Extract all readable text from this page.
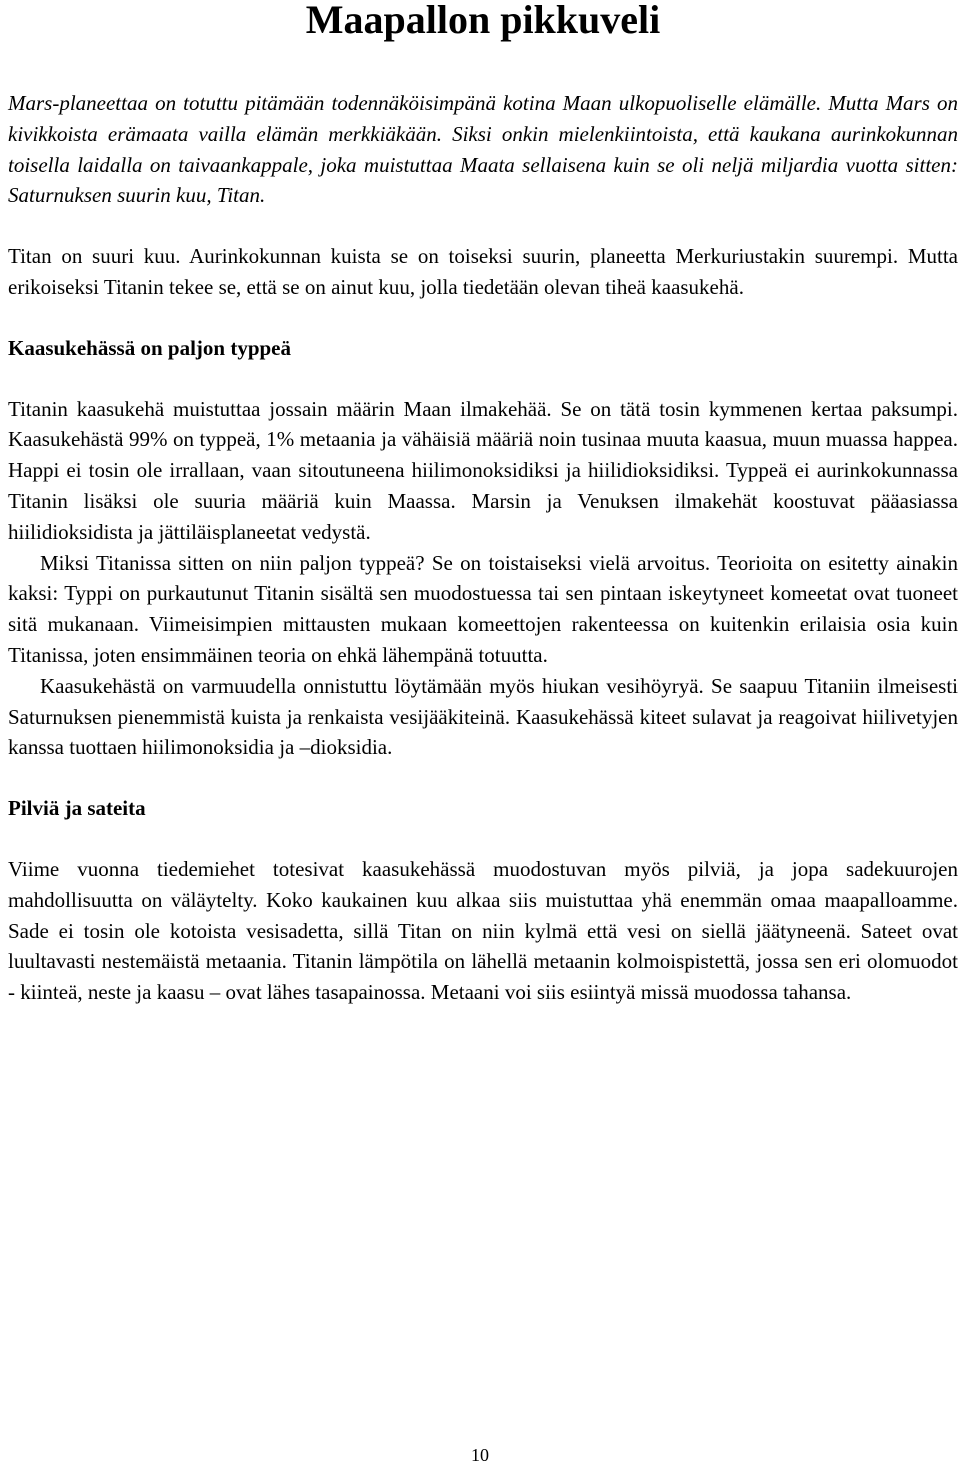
Maapallon pikkuveli

Mars-planeettaa on totuttu pitämään todennäköisimpänä kotina Maan ulkopuoliselle elämälle. Mutta Mars on kivikkoista erämaata vailla elämän merkkiäkään. Siksi onkin mielenkiintoista, että kaukana aurinkokunnan toisella laidalla on taivaankappale, joka muistuttaa Maata sellaisena kuin se oli neljä miljardia vuotta sitten: Saturnuksen suurin kuu, Titan.

Titan on suuri kuu. Aurinkokunnan kuista se on toiseksi suurin, planeetta Merkuriustakin suurempi. Mutta erikoiseksi Titanin tekee se, että se on ainut kuu, jolla tiedetään olevan tiheä kaasukehä.

Kaasukehässä on paljon typpeä

Titanin kaasukehä muistuttaa jossain määrin Maan ilmakehää. Se on tätä tosin kymmenen kertaa paksumpi. Kaasukehästä 99% on typpeä, 1% metaania ja vähäisiä määriä noin tusinaa muuta kaasua, muun muassa happea. Happi ei tosin ole irrallaan, vaan sitoutuneena hiilimonoksidiksi ja hiilidioksidiksi. Typpeä ei aurinkokunnassa Titanin lisäksi ole suuria määriä kuin Maassa. Marsin ja Venuksen ilmakehät koostuvat pääasiassa hiilidioksidista ja jättiläisplaneetat vedystä.

Miksi Titanissa sitten on niin paljon typpeä? Se on toistaiseksi vielä arvoitus. Teorioita on esitetty ainakin kaksi: Typpi on purkautunut Titanin sisältä sen muodostuessa tai sen pintaan iskeytyneet komeetat ovat tuoneet sitä mukanaan. Viimeisimpien mittausten mukaan komeettojen rakenteessa on kuitenkin erilaisia osia kuin Titanissa, joten ensimmäinen teoria on ehkä lähempänä totuutta.

Kaasukehästä on varmuudella onnistuttu löytämään myös hiukan vesihöyryä. Se saapuu Titaniin ilmeisesti Saturnuksen pienemmistä kuista ja renkaista vesijääkiteinä. Kaasukehässä kiteet sulavat ja reagoivat hiilivetyjen kanssa tuottaen hiilimonoksidia ja –dioksidia.

Pilviä ja sateita

Viime vuonna tiedemiehet totesivat kaasukehässä muodostuvan myös pilviä, ja jopa sadekuurojen mahdollisuutta on väläytelty. Koko kaukainen kuu alkaa siis muistuttaa yhä enemmän omaa maapalloamme. Sade ei tosin ole kotoista vesisadetta, sillä Titan on niin kylmä että vesi on siellä jäätyneenä. Sateet ovat luultavasti nestemäistä metaania. Titanin lämpötila on lähellä metaanin kolmoispistettä, jossa sen eri olomuodot - kiinteä, neste ja kaasu – ovat lähes tasapainossa. Metaani voi siis esiintyä missä muodossa tahansa.

10
